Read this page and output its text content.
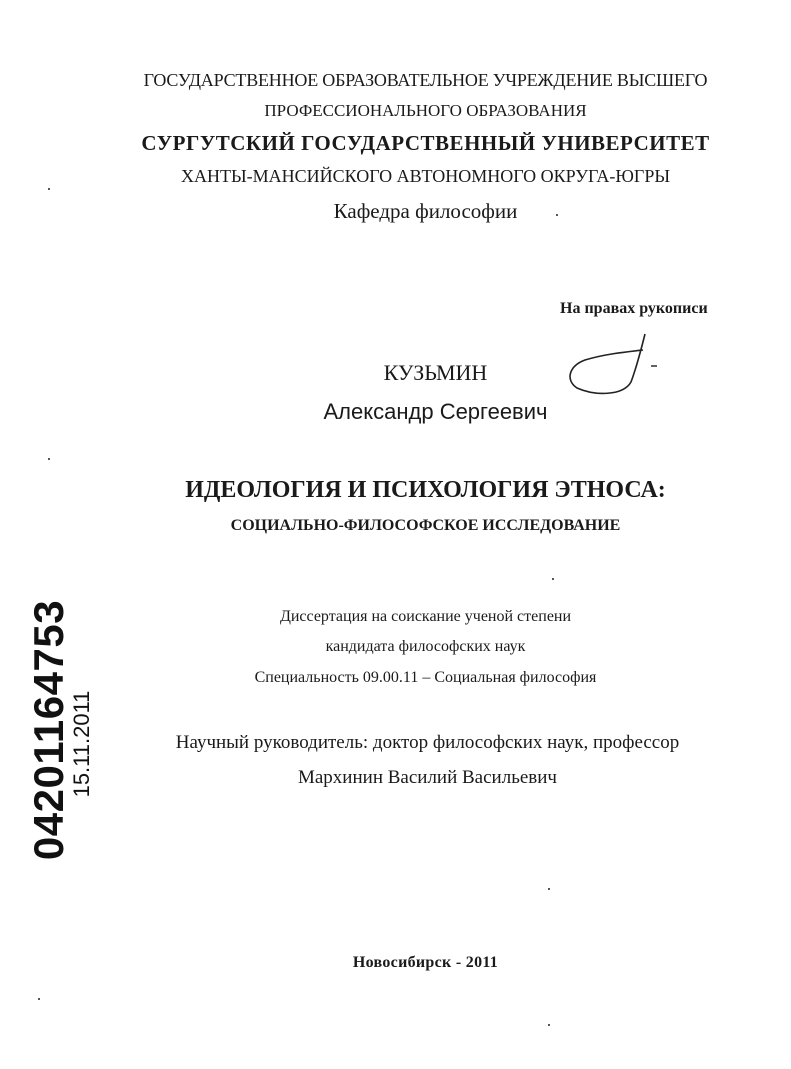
ГОСУДАРСТВЕННОЕ ОБРАЗОВАТЕЛЬНОЕ УЧРЕЖДЕНИЕ ВЫСШЕГО
ПРОФЕССИОНАЛЬНОГО ОБРАЗОВАНИЯ
СУРГУТСКИЙ ГОСУДАРСТВЕННЫЙ УНИВЕРСИТЕТ
ХАНТЫ-МАНСИЙСКОГО АВТОНОМНОГО ОКРУГА-ЮГРЫ
Кафедра философии
На правах рукописи
КУЗЬМИН
Александр Сергеевич
ИДЕОЛОГИЯ И ПСИХОЛОГИЯ ЭТНОСА:
СОЦИАЛЬНО-ФИЛОСОФСКОЕ ИССЛЕДОВАНИЕ
Диссертация на соискание ученой степени
кандидата философских наук
Специальность 09.00.11 – Социальная философия
Научный руководитель: доктор философских наук, профессор
Мархинин Василий Васильевич
Новосибирск - 2011
04201164753
15.11.2011
